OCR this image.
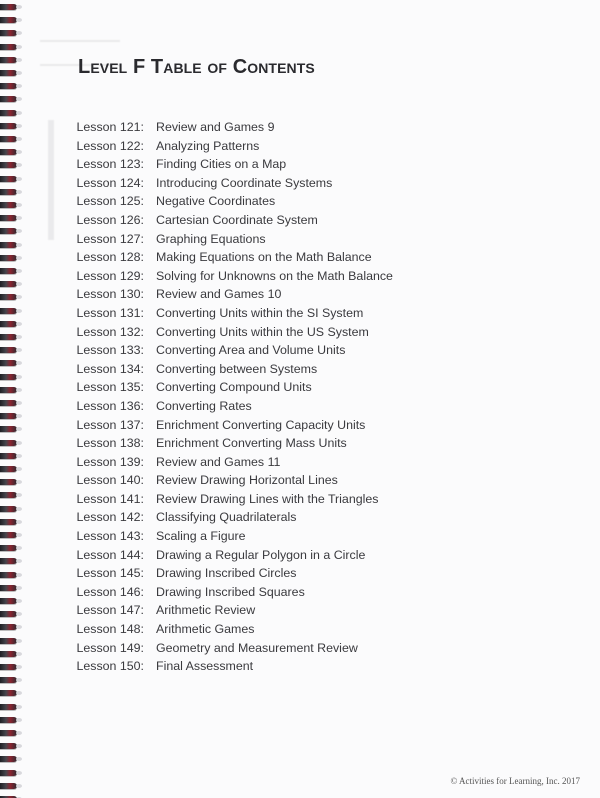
Level F Table of Contents
Lesson 121: Review and Games 9
Lesson 122: Analyzing Patterns
Lesson 123: Finding Cities on a Map
Lesson 124: Introducing Coordinate Systems
Lesson 125: Negative Coordinates
Lesson 126: Cartesian Coordinate System
Lesson 127: Graphing Equations
Lesson 128: Making Equations on the Math Balance
Lesson 129: Solving for Unknowns on the Math Balance
Lesson 130: Review and Games 10
Lesson 131: Converting Units within the SI System
Lesson 132: Converting Units within the US System
Lesson 133: Converting Area and Volume Units
Lesson 134: Converting between Systems
Lesson 135: Converting Compound Units
Lesson 136: Converting Rates
Lesson 137: Enrichment Converting Capacity Units
Lesson 138: Enrichment Converting Mass Units
Lesson 139: Review and Games 11
Lesson 140: Review Drawing Horizontal Lines
Lesson 141: Review Drawing Lines with the Triangles
Lesson 142: Classifying Quadrilaterals
Lesson 143: Scaling a Figure
Lesson 144: Drawing a Regular Polygon in a Circle
Lesson 145: Drawing Inscribed Circles
Lesson 146: Drawing Inscribed Squares
Lesson 147: Arithmetic Review
Lesson 148: Arithmetic Games
Lesson 149: Geometry and Measurement Review
Lesson 150: Final Assessment
© Activities for Learning, Inc. 2017
